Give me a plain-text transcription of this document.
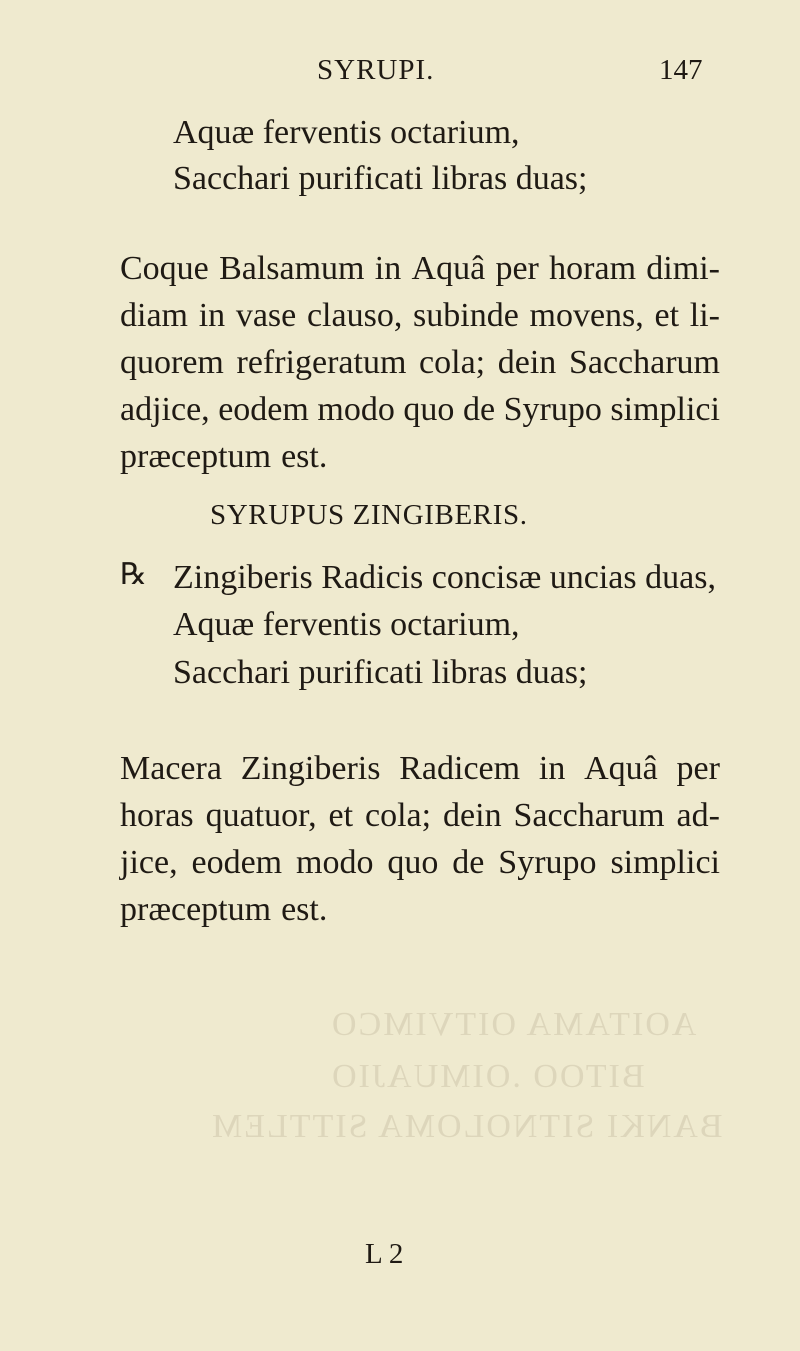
SYRUPI.	147
Aquæ ferventis octarium,
Sacchari purificati libras duas;
Coque Balsamum in Aquâ per horam dimi-
diam in vase clauso, subinde movens, et li-
quorem refrigeratum cola; dein Saccharum
adjice, eodem modo quo de Syrupo simplici
præceptum est.
SYRUPUS ZINGIBERIS.
℞ Zingiberis Radicis concisæ uncias duas,
Aquæ ferventis octarium,
Sacchari purificati libras duas;
Macera Zingiberis Radicem in Aquâ per
horas quatuor, et cola; dein Saccharum ad-
jice, eodem modo quo de Syrupo simplici
præceptum est.
L 2
AOITAMA OITVIMCO
BITOO .OIMUAJIO
BANKI SITNOLOMA SITTLEM
